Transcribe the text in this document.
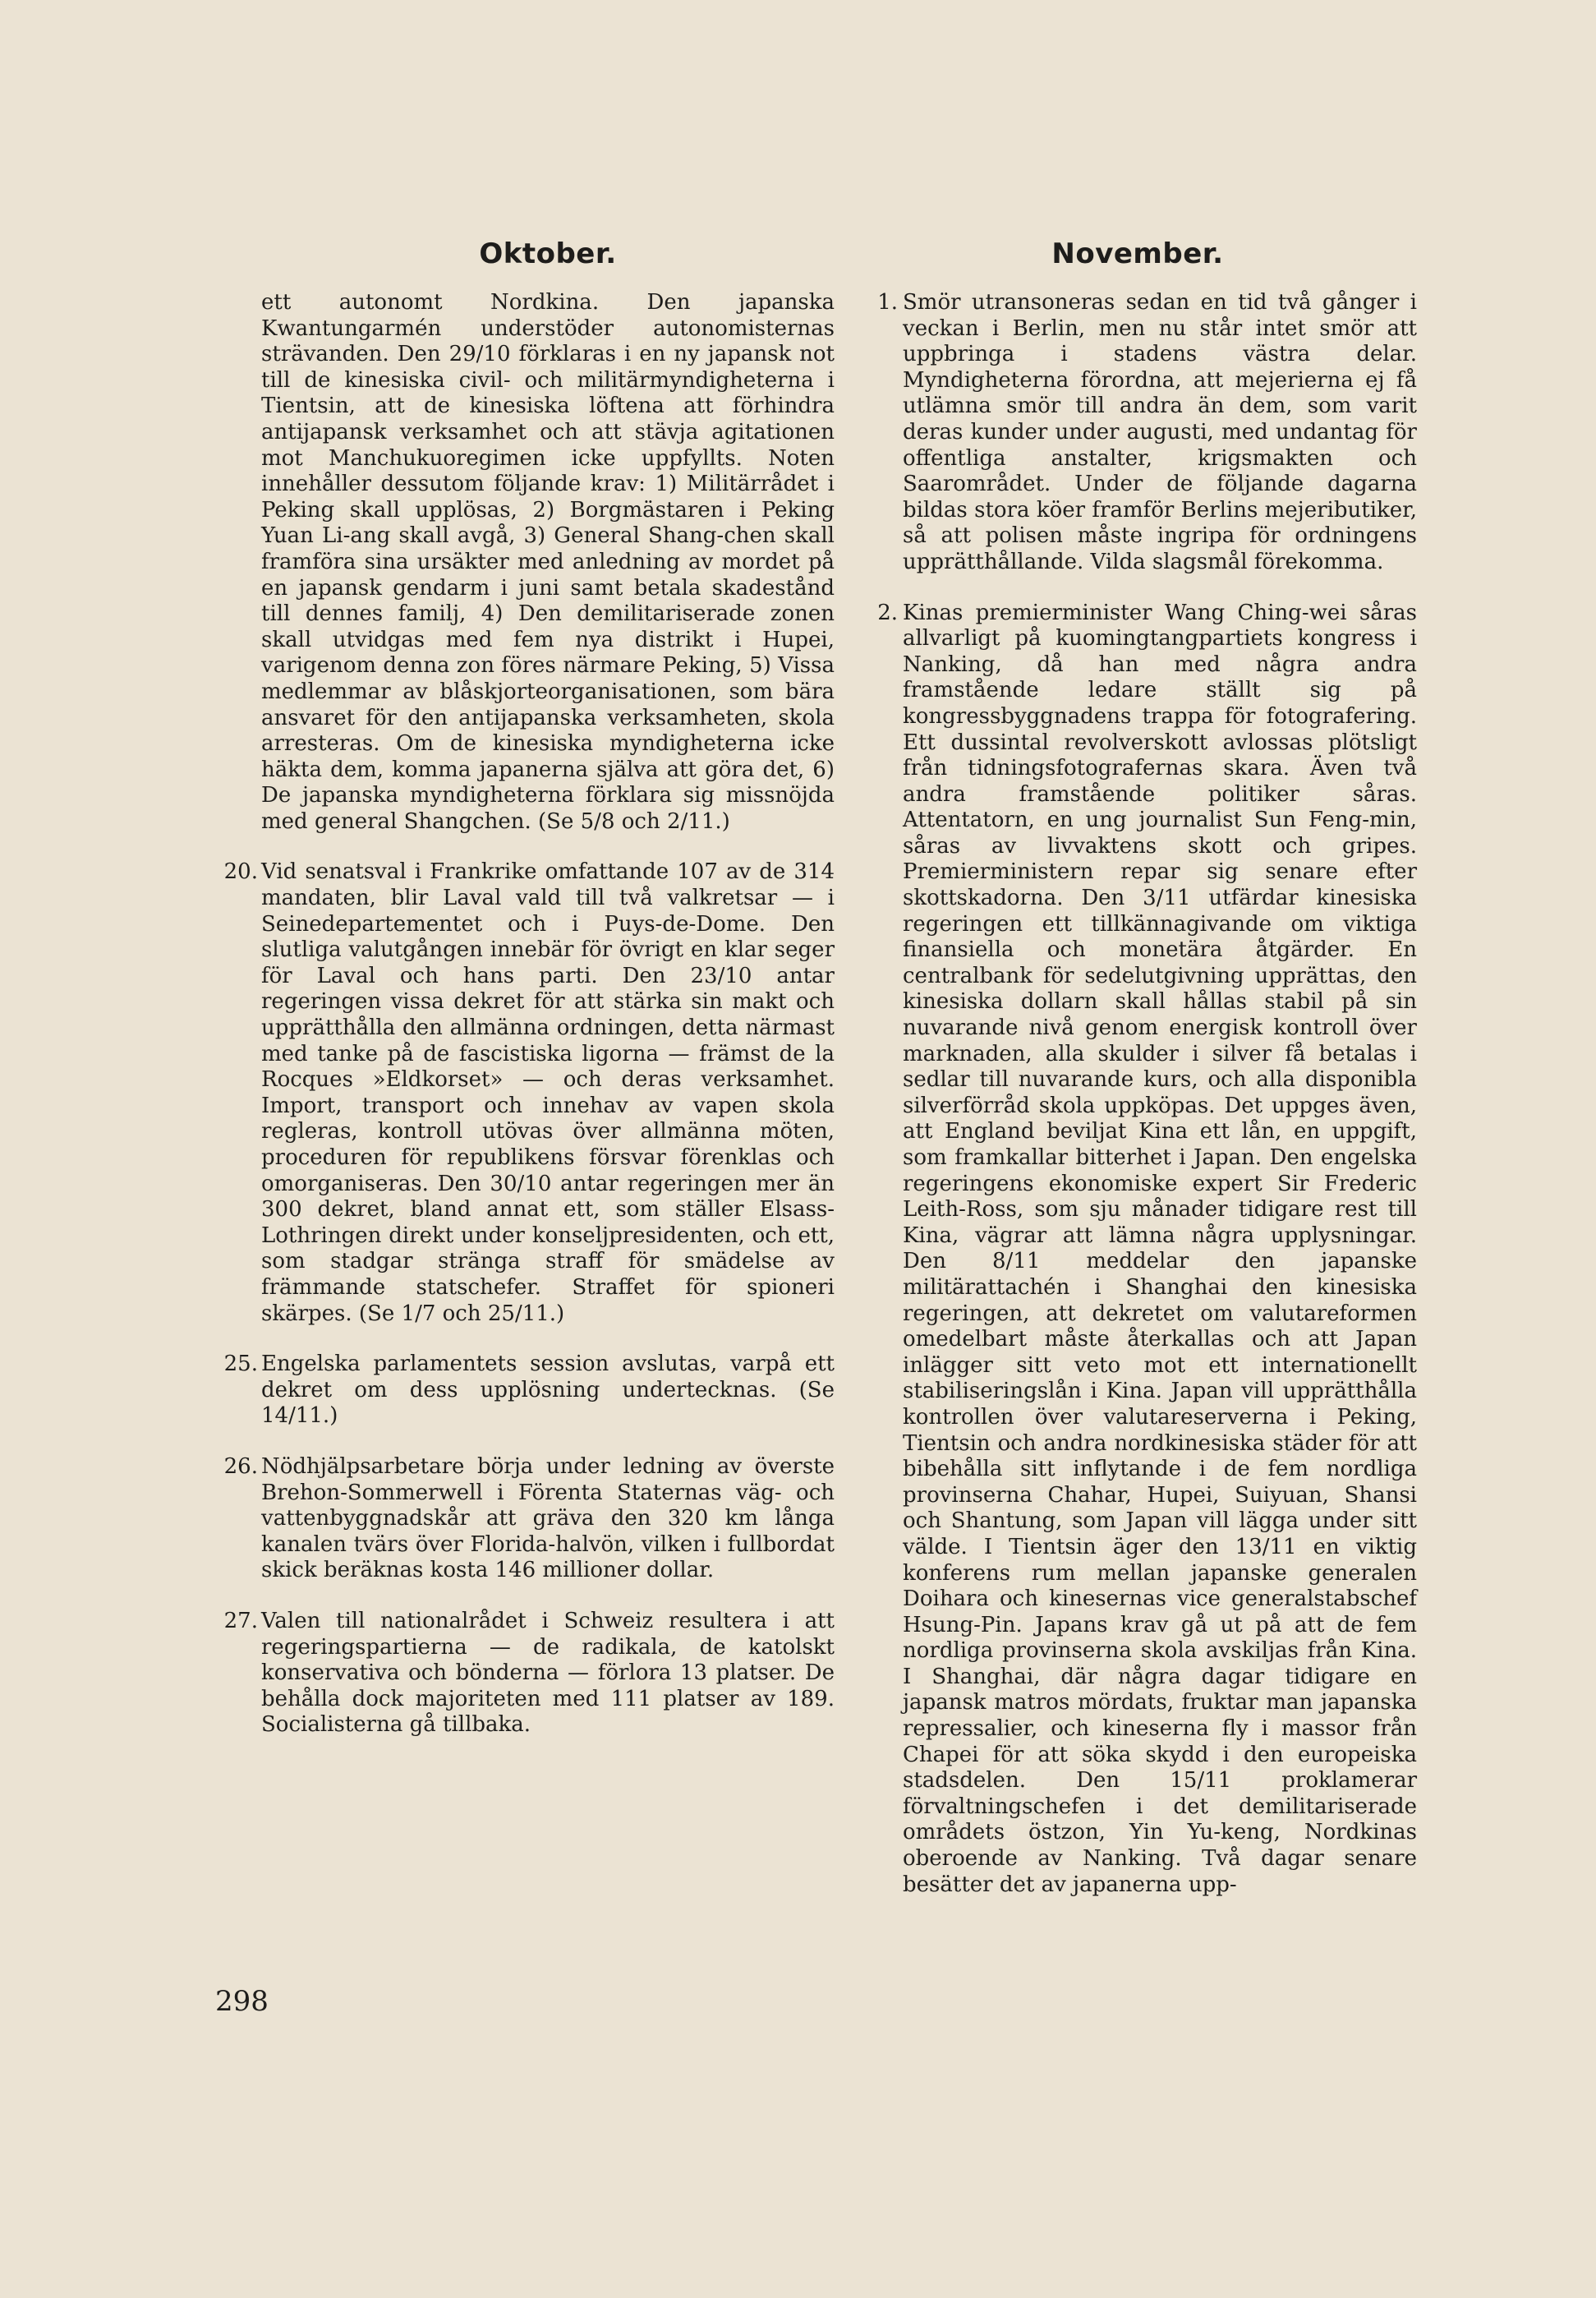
Oktober.
ett autonomt Nordkina. Den japanska Kwantungarmén understöder autonomisternas strävanden. Den 29/10 förklaras i en ny japansk not till de kinesiska civil- och militärmyndigheterna i Tientsin, att de kinesiska löftena att förhindra antijapansk verksamhet och att stävja agitationen mot Manchukuoregimen icke uppfyllts. Noten innehåller dessutom följande krav: 1) Militärrådet i Peking skall upplösas, 2) Borgmästaren i Peking Yuan Li-ang skall avgå, 3) General Shang-chen skall framföra sina ursäkter med anledning av mordet på en japansk gendarm i juni samt betala skadestånd till dennes familj, 4) Den demilitariserade zonen skall utvidgas med fem nya distrikt i Hupei, varigenom denna zon föres närmare Peking, 5) Vissa medlemmar av blåskjorteorganisationen, som bära ansvaret för den antijapanska verksamheten, skola arresteras. Om de kinesiska myndigheterna icke häkta dem, komma japanerna själva att göra det, 6) De japanska myndigheterna förklara sig missnöjda med general Shangchen. (Se 5/8 och 2/11.)
20. Vid senatsval i Frankrike omfattande 107 av de 314 mandaten, blir Laval vald till två valkretsar — i Seinedepartementet och i Puys-de-Dome. Den slutliga valutgången innebär för övrigt en klar seger för Laval och hans parti. Den 23/10 antar regeringen vissa dekret för att stärka sin makt och upprätthålla den allmänna ordningen, detta närmast med tanke på de fascistiska ligorna — främst de la Rocques »Eldkorset» — och deras verksamhet. Import, transport och innehav av vapen skola regleras, kontroll utövas över allmänna möten, proceduren för republikens försvar förenklas och omorganiseras. Den 30/10 antar regeringen mer än 300 dekret, bland annat ett, som ställer Elsass-Lothringen direkt under konseljpresidenten, och ett, som stadgar stränga straff för smädelse av främmande statschefer. Straffet för spioneri skärpes. (Se 1/7 och 25/11.)
25. Engelska parlamentets session avslutas, varpå ett dekret om dess upplösning undertecknas. (Se 14/11.)
26. Nödhjälpsarbetare börja under ledning av överste Brehon-Sommerwell i Förenta Staternas väg- och vattenbyggnadskår att gräva den 320 km långa kanalen tvärs över Florida-halvön, vilken i fullbordat skick beräknas kosta 146 millioner dollar.
27. Valen till nationalrådet i Schweiz resultera i att regeringspartierna — de radikala, de katolskt konservativa och bönderna — förlora 13 platser. De behålla dock majoriteten med 111 platser av 189. Socialisterna gå tillbaka.
November.
1. Smör utransoneras sedan en tid två gånger i veckan i Berlin, men nu står intet smör att uppbringa i stadens västra delar. Myndigheterna förordna, att mejerierna ej få utlämna smör till andra än dem, som varit deras kunder under augusti, med undantag för offentliga anstalter, krigsmakten och Saarområdet. Under de följande dagarna bildas stora köer framför Berlins mejeributiker, så att polisen måste ingripa för ordningens upprätthållande. Vilda slagsmål förekomma.
2. Kinas premierminister Wang Ching-wei såras allvarligt på kuomingtangpartiets kongress i Nanking, då han med några andra framstående ledare ställt sig på kongressbyggnadens trappa för fotografering. Ett dussintal revolverskott avlossas plötsligt från tidningsfotografernas skara. Även två andra framstående politiker såras. Attentatorn, en ung journalist Sun Feng-min, såras av livvaktens skott och gripes. Premierministern repar sig senare efter skottskadorna. Den 3/11 utfärdar kinesiska regeringen ett tillkännagivande om viktiga finansiella och monetära åtgärder. En centralbank för sedelutgivning upprättas, den kinesiska dollarn skall hållas stabil på sin nuvarande nivå genom energisk kontroll över marknaden, alla skulder i silver få betalas i sedlar till nuvarande kurs, och alla disponibla silverförråd skola uppköpas. Det uppges även, att England beviljat Kina ett lån, en uppgift, som framkallar bitterhet i Japan. Den engelska regeringens ekonomiske expert Sir Frederic Leith-Ross, som sju månader tidigare rest till Kina, vägrar att lämna några upplysningar. Den 8/11 meddelar den japanske militärattachén i Shanghai den kinesiska regeringen, att dekretet om valutareformen omedelbart måste återkallas och att Japan inlägger sitt veto mot ett internationellt stabiliseringslån i Kina. Japan vill upprätthålla kontrollen över valutareserverna i Peking, Tientsin och andra nordkinesiska städer för att bibehålla sitt inflytande i de fem nordliga provinserna Chahar, Hupei, Suiyuan, Shansi och Shantung, som Japan vill lägga under sitt välde. I Tientsin äger den 13/11 en viktig konferens rum mellan japanske generalen Doihara och kinesernas vice generalstabschef Hsung-Pin. Japans krav gå ut på att de fem nordliga provinserna skola avskiljas från Kina. I Shanghai, där några dagar tidigare en japansk matros mördats, fruktar man japanska repressalier, och kineserna fly i massor från Chapei för att söka skydd i den europeiska stadsdelen. Den 15/11 proklamerar förvaltningschefen i det demilitariserade områdets östzon, Yin Yu-keng, Nordkinas oberoende av Nanking. Två dagar senare besätter det av japanerna upp-
298
